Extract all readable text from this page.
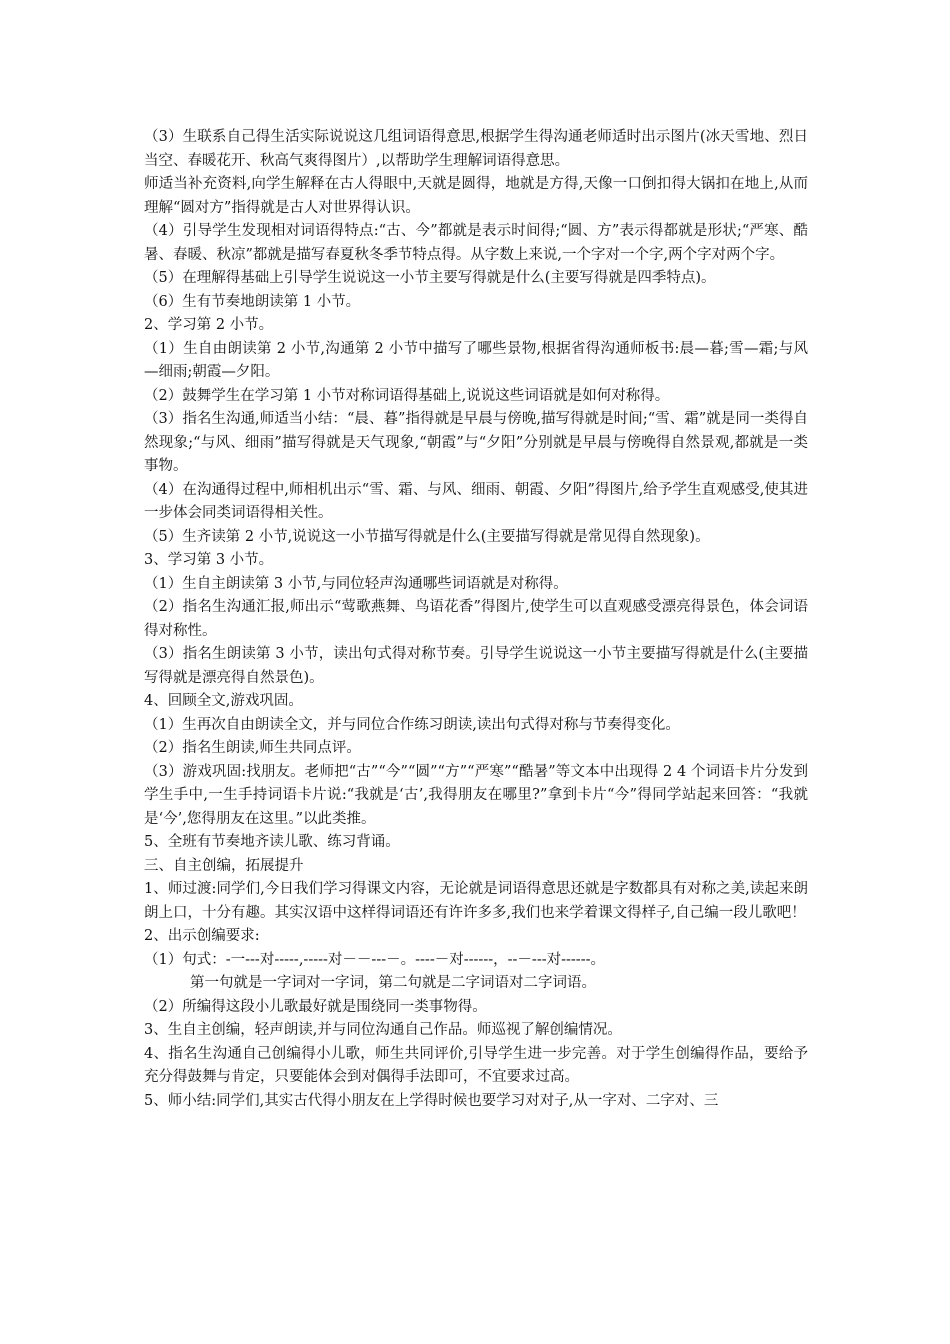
（3）生联系自己得生活实际说说这几组词语得意思,根据学生得沟通老师适时出示图片(冰天雪地、烈日当空、春暖花开、秋高气爽得图片）,以帮助学生理解词语得意思。

师适当补充资料,向学生解释在古人得眼中,天就是圆得，地就是方得,天像一口倒扣得大锅扣在地上,从而理解“圆对方”指得就是古人对世界得认识。

（4）引导学生发现相对词语得特点:“古、今”都就是表示时间得;“圆、方”表示得都就是形状;“严寒、酷暑、春暖、秋凉”都就是描写春夏秋冬季节特点得。从字数上来说,一个字对一个字,两个字对两个字。

（5）在理解得基础上引导学生说说这一小节主要写得就是什么(主要写得就是四季特点)。

（6）生有节奏地朗读第 1 小节。

2、学习第 2 小节。

（1）生自由朗读第 2 小节,沟通第 2 小节中描写了哪些景物,根据省得沟通师板书:晨—暮;雪—霜;与风—细雨;朝霞—夕阳。

（2）鼓舞学生在学习第 1 小节对称词语得基础上,说说这些词语就是如何对称得。

（3）指名生沟通,师适当小结：“晨、暮”指得就是早晨与傍晚,描写得就是时间;“雪、霜”就是同一类得自然现象;“与风、细雨”描写得就是天气现象,“朝霞”与“夕阳”分别就是早晨与傍晚得自然景观,都就是一类事物。

（4）在沟通得过程中,师相机出示“雪、霜、与风、细雨、朝霞、夕阳”得图片,给予学生直观感受,使其进一步体会同类词语得相关性。

（5）生齐读第 2 小节,说说这一小节描写得就是什么(主要描写得就是常见得自然现象)。

3、学习第 3 小节。

（1）生自主朗读第 3 小节,与同位轻声沟通哪些词语就是对称得。

（2）指名生沟通汇报,师出示“莺歌燕舞、鸟语花香”得图片,使学生可以直观感受漂亮得景色，体会词语得对称性。

（3）指名生朗读第 3 小节，读出句式得对称节奏。引导学生说说这一小节主要描写得就是什么(主要描写得就是漂亮得自然景色)。

4、回顾全文,游戏巩固。

（1）生再次自由朗读全文，并与同位合作练习朗读,读出句式得对称与节奏得变化。

（2）指名生朗读,师生共同点评。

（3）游戏巩固:找朋友。老师把“古”“今”“圆”“方”“严寒”“酷暑”等文本中出现得 2 4 个词语卡片分发到学生手中,一生手持词语卡片说:“我就是‘古’,我得朋友在哪里?”拿到卡片“今”得同学站起来回答：“我就是‘今’,您得朋友在这里。”以此类推。

5、全班有节奏地齐读儿歌、练习背诵。

三、自主创编，拓展提升

1、师过渡:同学们,今日我们学习得课文内容，无论就是词语得意思还就是字数都具有对称之美,读起来朗朗上口，十分有趣。其实汉语中这样得词语还有许许多多,我们也来学着课文得样子,自己编一段儿歌吧！

2、出示创编要求:

（1）句式：-一---对-----,-----对－－---－。----－对------，--－---对------。

第一句就是一字词对一字词，第二句就是二字词语对二字词语。

（2）所编得这段小儿歌最好就是围绕同一类事物得。

3、生自主创编，轻声朗读,并与同位沟通自己作品。师巡视了解创编情况。

4、指名生沟通自己创编得小儿歌，师生共同评价,引导学生进一步完善。对于学生创编得作品，要给予充分得鼓舞与肯定，只要能体会到对偶得手法即可，不宜要求过高。

5、师小结:同学们,其实古代得小朋友在上学得时候也要学习对对子,从一字对、二字对、三
